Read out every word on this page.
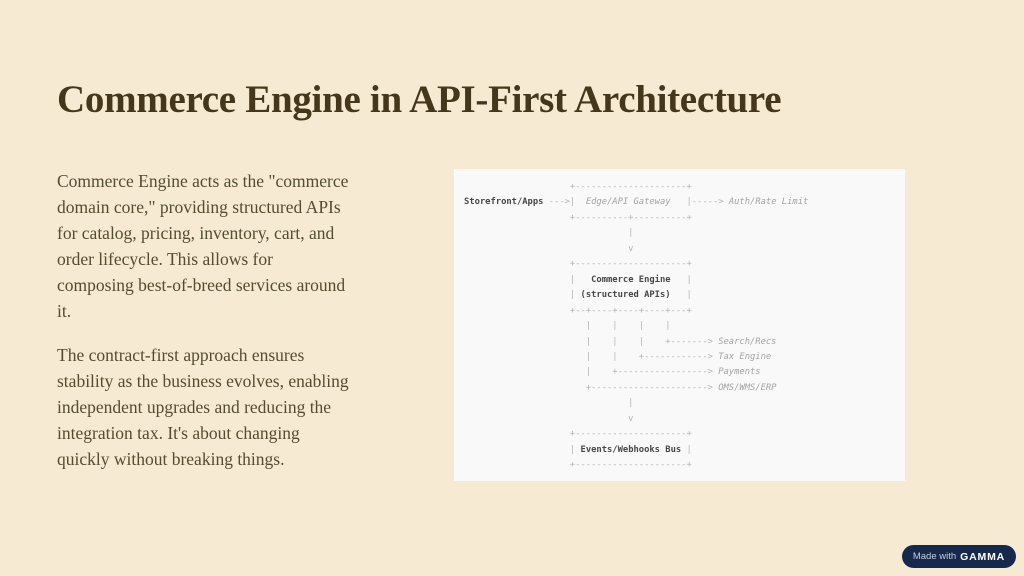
Commerce Engine in API-First Architecture

Commerce Engine acts as the "commerce domain core," providing structured APIs for catalog, pricing, inventory, cart, and order lifecycle. This allows for composing best-of-breed services around it.

The contract-first approach ensures stability as the business evolves, enabling independent upgrades and reducing the integration tax. It's about changing quickly without breaking things.

+---------------------+
Storefront/Apps --->|  Edge/API Gateway   |-----> Auth/Rate Limit
+----------+----------+
|
v
+---------------------+
|   Commerce Engine   |
| (structured APIs)   |
+--+----+----+----+---+
|    |    |    |
|    |    |    +-------> Search/Recs
|    |    +------------> Tax Engine
|    +-----------------> Payments
+----------------------> OMS/WMS/ERP
|
v
+---------------------+
| Events/Webhooks Bus |
+---------------------+
Made with GAMMA
